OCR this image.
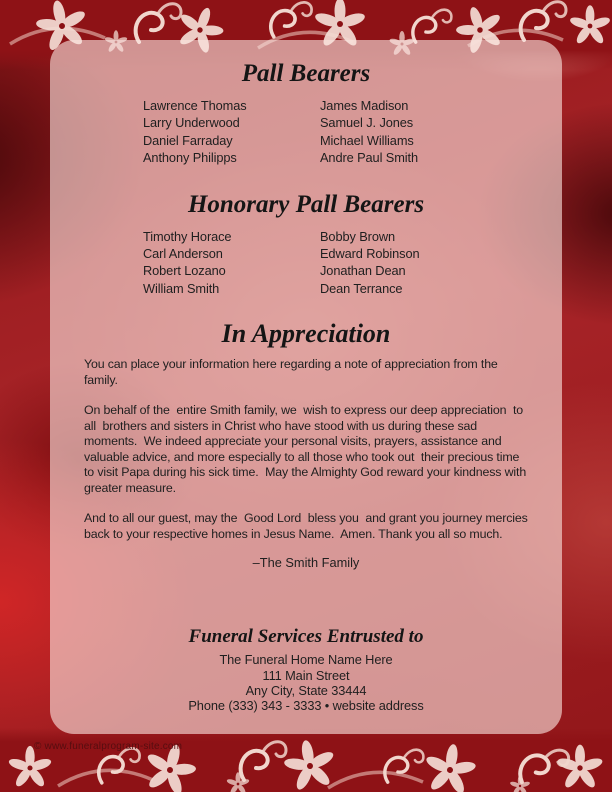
Pall Bearers
Lawrence Thomas
Larry Underwood
Daniel Farraday
Anthony Philipps
James Madison
Samuel J. Jones
Michael Williams
Andre Paul Smith
Honorary Pall Bearers
Timothy Horace
Carl Anderson
Robert Lozano
William Smith
Bobby Brown
Edward Robinson
Jonathan Dean
Dean Terrance
In Appreciation

You can place your information here regarding a note of appreciation from the family.

On behalf of the  entire Smith family, we  wish to express our deep appreciation  to all  brothers and sisters in Christ who have stood with us during these sad moments.  We indeed appreciate your personal visits, prayers, assistance and valuable advice, and more especially to all those who took out  their precious time to visit Papa during his sick time.  May the Almighty God reward your kindness with greater measure.

And to all our guest, may the  Good Lord  bless you  and grant you journey mercies back to your respective homes in Jesus Name.  Amen. Thank you all so much.

–The Smith Family
Funeral Services Entrusted to
The Funeral Home Name Here
111 Main Street
Any City, State 33444
Phone (333) 343 - 3333 • website address
© www.funeralprogram-site.com
